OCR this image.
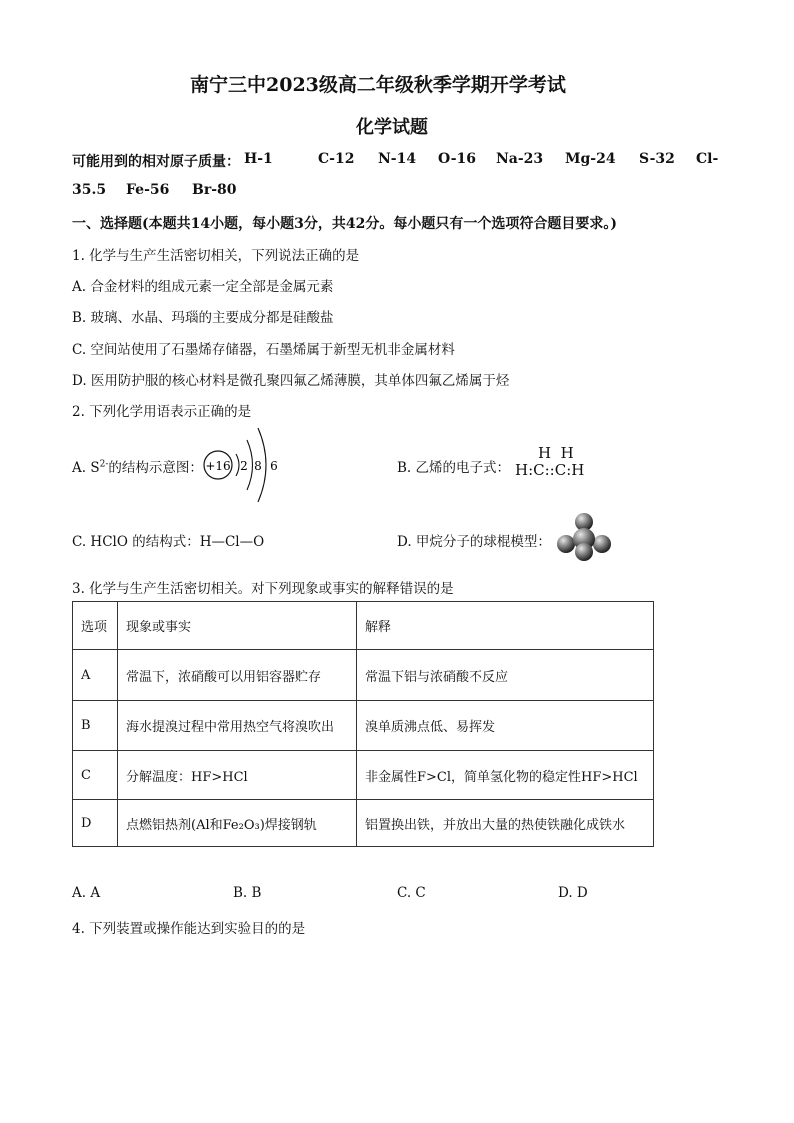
南宁三中2023级高二年级秋季学期开学考试
化学试题
可能用到的相对原子质量： H-1	C-12 N-14 O-16 Na-23 Mg-24 S-32 Cl-
35.5 Fe-56 Br-80
一、选择题(本题共14小题，每小题3分，共42分。每小题只有一个选项符合题目要求。)
1. 化学与生产生活密切相关，下列说法正确的是
A. 合金材料的组成元素一定全部是金属元素
B. 玻璃、水晶、玛瑙的主要成分都是硅酸盐
C. 空间站使用了石墨烯存储器，石墨烯属于新型无机非金属材料
D. 医用防护服的核心材料是微孔聚四氟乙烯薄膜，其单体四氟乙烯属于烃
2. 下列化学用语表示正确的是
A. $S^{2-}$的结构示意图： +16 2 8 6	B. 乙烯的电子式：
H  H
H:C::C:H
C. HClO 的结构式：H—Cl—O	D. 甲烷分子的球棍模型：
3. 化学与生产生活密切相关。对下列现象或事实的解释错误的是
选项	现象或事实	解释
A	常温下，浓硝酸可以用铝容器贮存	常温下铝与浓硝酸不反应
B	海水提溴过程中常用热空气将溴吹出	溴单质沸点低、易挥发
C	分解温度：HF>HCl	非金属性F>Cl，简单氢化物的稳定性HF>HCl
D	点燃铝热剂(Al和Fe₂O₃)焊接钢轨	铝置换出铁，并放出大量的热使铁融化成铁水
A. A	B. B	C. C	D. D
4. 下列装置或操作能达到实验目的的是
